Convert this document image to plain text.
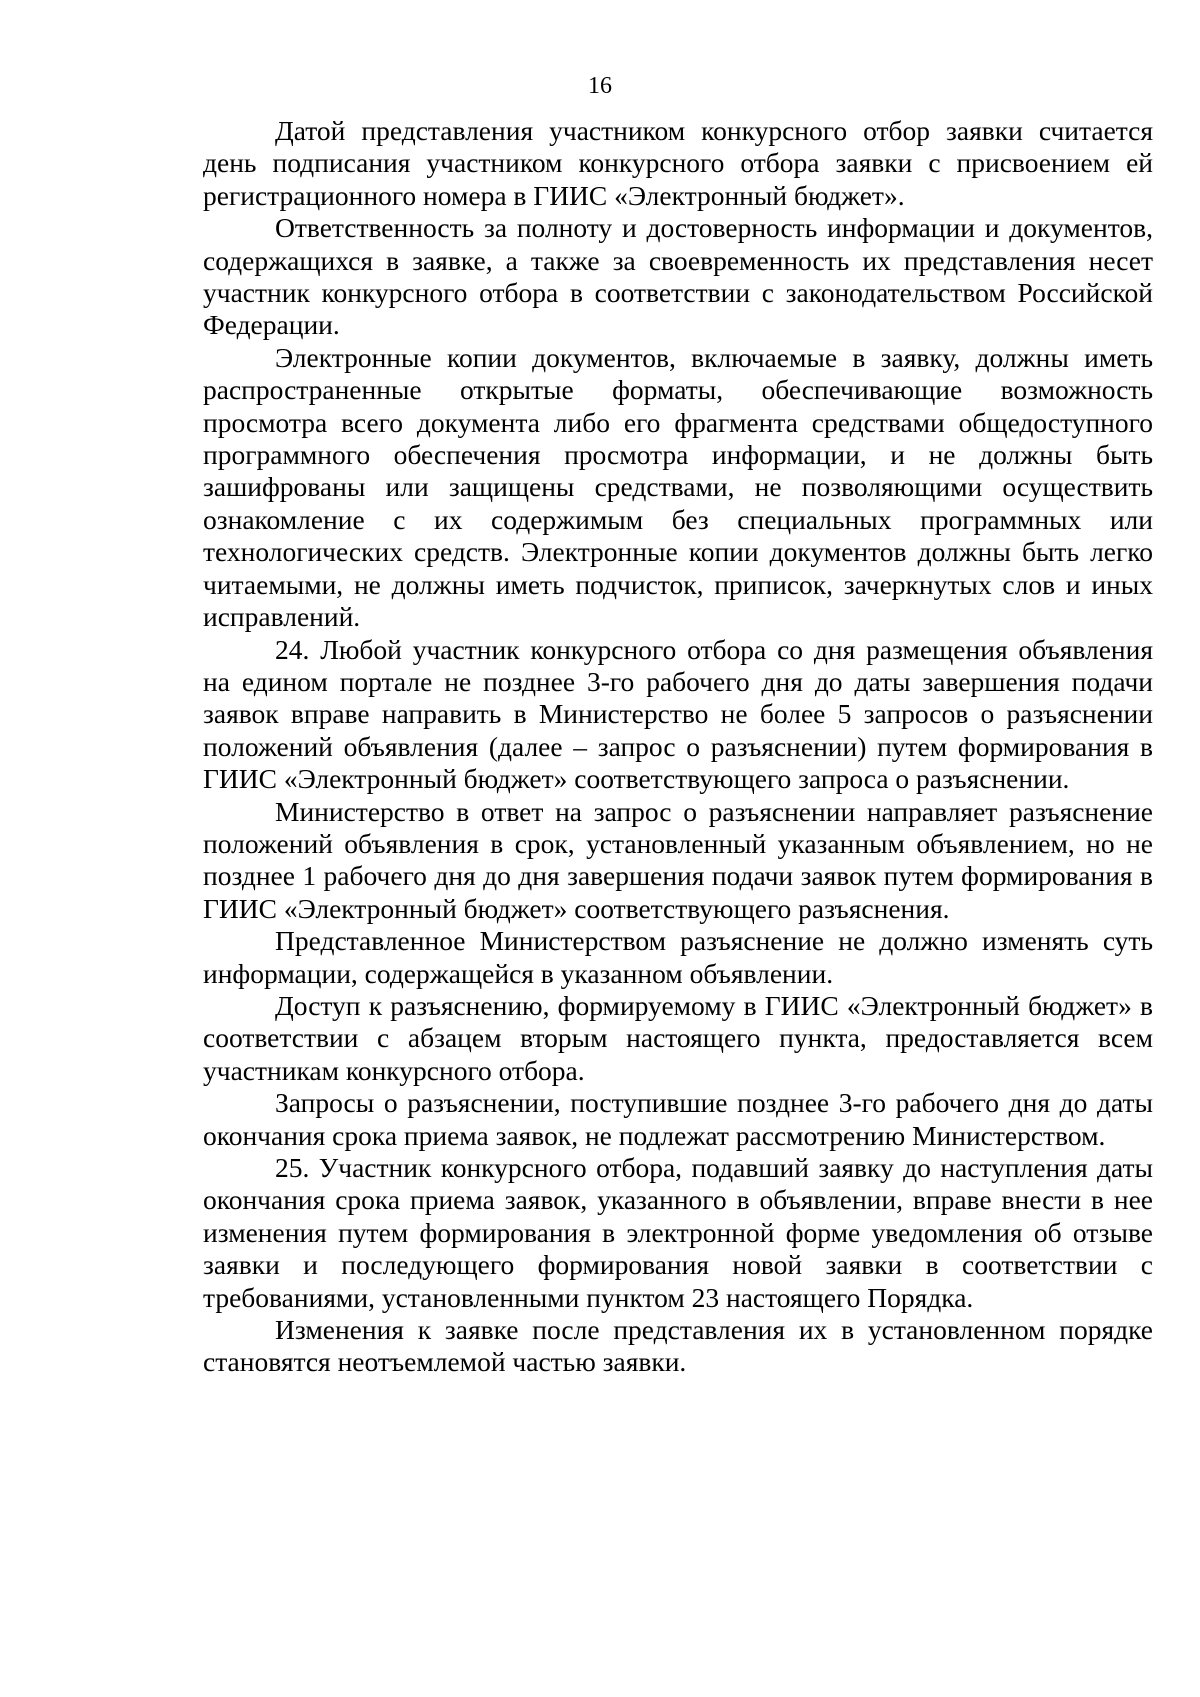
16

Датой представления участником конкурсного отбор заявки считается день подписания участником конкурсного отбора заявки с присвоением ей регистрационного номера в ГИИС «Электронный бюджет».

Ответственность за полноту и достоверность информации и документов, содержащихся в заявке, а также за своевременность их представления несет участник конкурсного отбора в соответствии с законодательством Российской Федерации.

Электронные копии документов, включаемые в заявку, должны иметь распространенные открытые форматы, обеспечивающие возможность просмотра всего документа либо его фрагмента средствами общедоступного программного обеспечения просмотра информации, и не должны быть зашифрованы или защищены средствами, не позволяющими осуществить ознакомление с их содержимым без специальных программных или технологических средств. Электронные копии документов должны быть легко читаемыми, не должны иметь подчисток, приписок, зачеркнутых слов и иных исправлений.

24. Любой участник конкурсного отбора со дня размещения объявления на едином портале не позднее 3-го рабочего дня до даты завершения подачи заявок вправе направить в Министерство не более 5 запросов о разъяснении положений объявления (далее – запрос о разъяснении) путем формирования в ГИИС «Электронный бюджет» соответствующего запроса о разъяснении.

Министерство в ответ на запрос о разъяснении направляет разъяснение положений объявления в срок, установленный указанным объявлением, но не позднее 1 рабочего дня до дня завершения подачи заявок путем формирования в ГИИС «Электронный бюджет» соответствующего разъяснения.

Представленное Министерством разъяснение не должно изменять суть информации, содержащейся в указанном объявлении.

Доступ к разъяснению, формируемому в ГИИС «Электронный бюджет» в соответствии с абзацем вторым настоящего пункта, предоставляется всем участникам конкурсного отбора.

Запросы о разъяснении, поступившие позднее 3-го рабочего дня до даты окончания срока приема заявок, не подлежат рассмотрению Министерством.

25. Участник конкурсного отбора, подавший заявку до наступления даты окончания срока приема заявок, указанного в объявлении, вправе внести в нее изменения путем формирования в электронной форме уведомления об отзыве заявки и последующего формирования новой заявки в соответствии с требованиями, установленными пунктом 23 настоящего Порядка.

Изменения к заявке после представления их в установленном порядке становятся неотъемлемой частью заявки.
